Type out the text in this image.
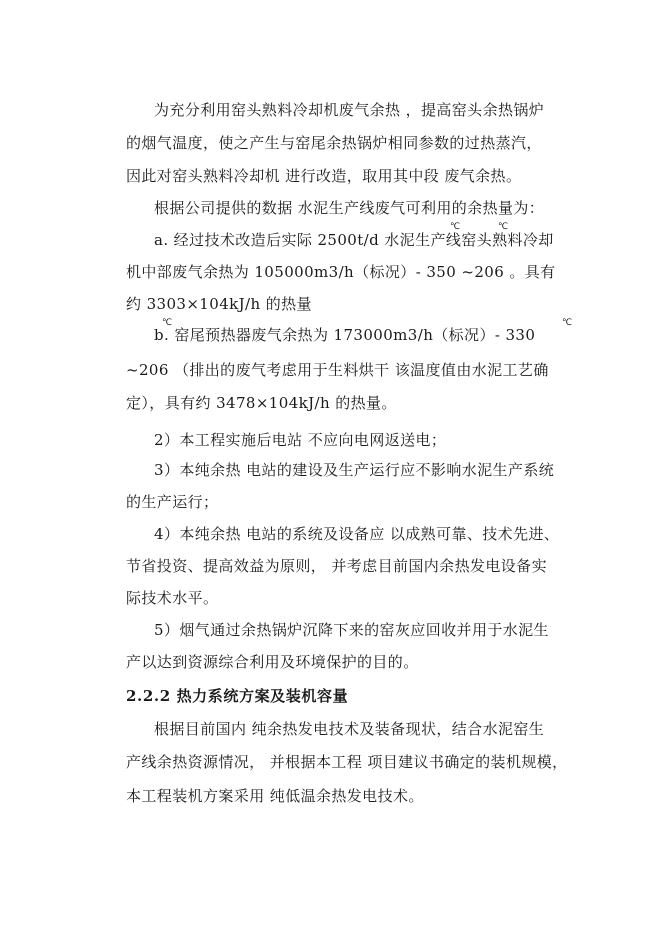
为充分利用窑头熟料冷却机废气余热 ，提高窑头余热锅炉

的烟气温度，使之产生与窑尾余热锅炉相同参数的过热蒸汽，

因此对窑头熟料冷却机 进行改造，取用其中段 废气余热。

根据公司提供的数据 水泥生产线废气可利用的余热量为：

℃	℃

a. 经过技术改造后实际 2500t/d 水泥生产线窑头熟料冷却

机中部废气余热为 105000m3/h（标况）- 350 ~206 。具有

约 3303×104kJ/h 的热量

℃	℃

b. 窑尾预热器废气余热为 173000m3/h（标况）- 330

~206 （排出的废气考虑用于生料烘干 该温度值由水泥工艺确

定），具有约 3478×104kJ/h 的热量。

2）本工程实施后电站 不应向电网返送电；

3）本纯余热 电站的建设及生产运行应不影响水泥生产系统

的生产运行；

4）本纯余热 电站的系统及设备应 以成熟可靠、技术先进、

节省投资、提高效益为原则， 并考虑目前国内余热发电设备实

际技术水平。

5）烟气通过余热锅炉沉降下来的窑灰应回收并用于水泥生

产以达到资源综合利用及环境保护的目的。

2.2.2 热力系统方案及装机容量

根据目前国内 纯余热发电技术及装备现状，结合水泥窑生

产线余热资源情况， 并根据本工程 项目建议书确定的装机规模，

本工程装机方案采用 纯低温余热发电技术。
